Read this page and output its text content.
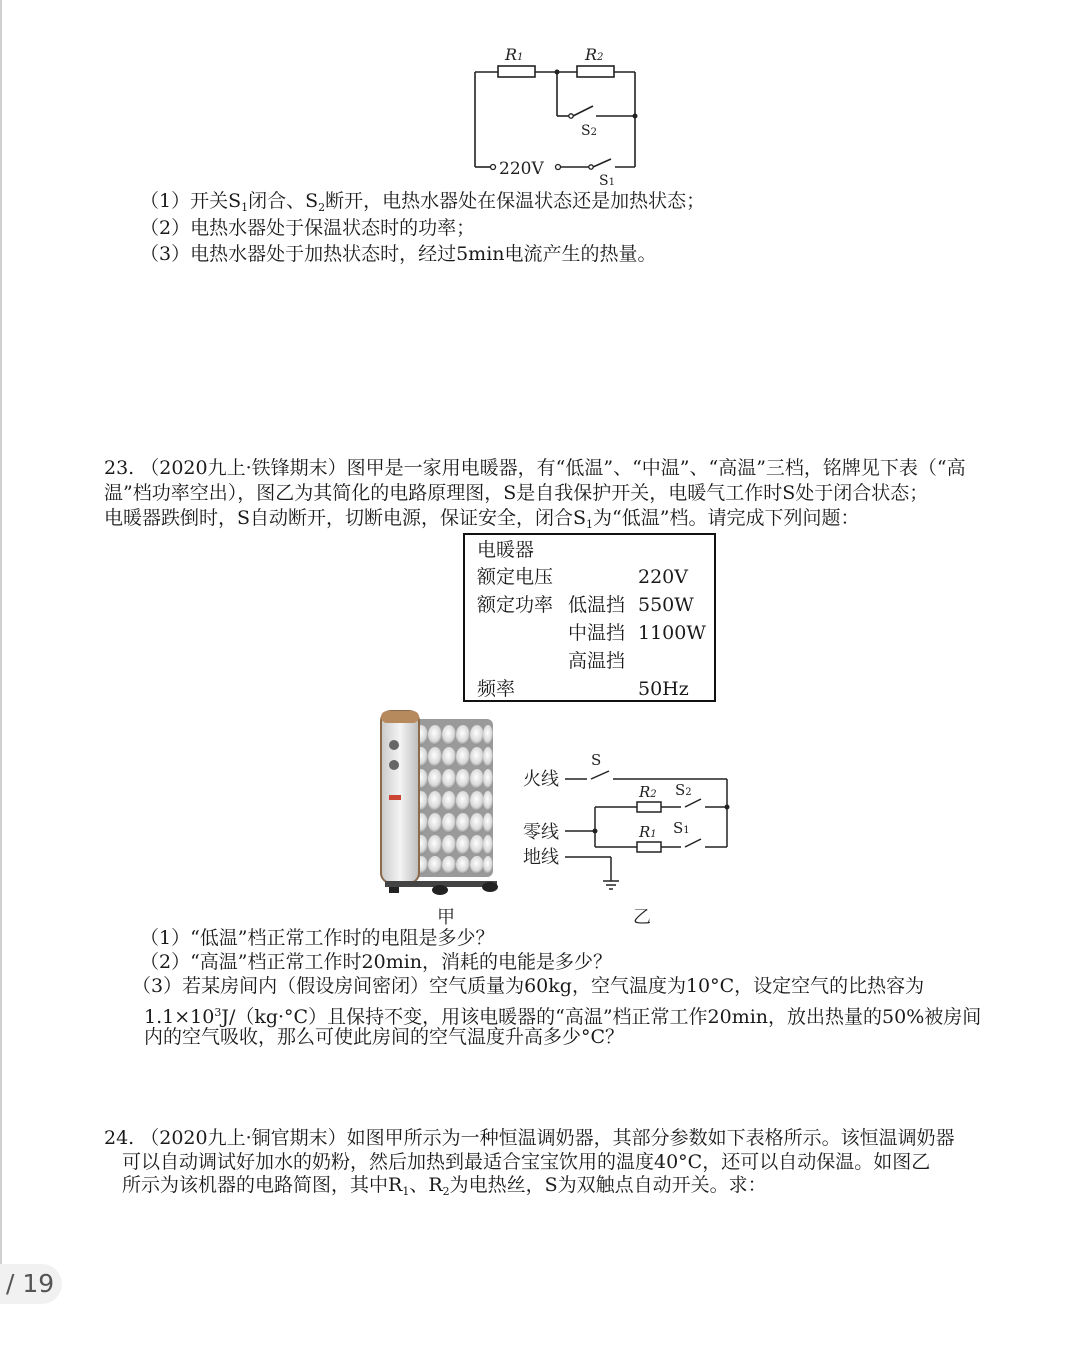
R1	R2
S2
220V
S1
（1）开关$S_1$闭合、$S_2$断开，电热水器处在保温状态还是加热状态；
（2）电热水器处于保温状态时的功率；
（3）电热水器处于加热状态时，经过5min电流产生的热量。
23. （2020九上·铁锋期末）图甲是一家用电暖器，有“低温”、“中温”、“高温”三档，铭牌见下表（“高
温”档功率空出），图乙为其简化的电路原理图，S是自我保护开关，电暖气工作时S处于闭合状态；
电暖器跌倒时，S自动断开，切断电源，保证安全，闭合$S_1$为“低温”档。请完成下列问题：
电暖器
额定电压	220V
额定功率 低温挡 550W
中温挡 1100W
高温挡
频率	50Hz
甲
火线
零线
地线
S
R2 S2
R1 S1
乙
（1）“低温”档正常工作时的电阻是多少？
（2）“高温”档正常工作时20min，消耗的电能是多少？
（3）若某房间内（假设房间密闭）空气质量为60kg，空气温度为10°C，设定空气的比热容为
$1.1\times 10^3J/(kg\cdot^\circ C)$且保持不变，用该电暖器的“高温”档正常工作20min，放出热量的50%被房间
内的空气吸收，那么可使此房间的空气温度升高多少°C？
24. （2020九上·铜官期末）如图甲所示为一种恒温调奶器，其部分参数如下表格所示。该恒温调奶器
可以自动调试好加水的奶粉，然后加热到最适合宝宝饮用的温度40°C，还可以自动保温。如图乙
所示为该机器的电路简图，其中$R_1$、$R_2$为电热丝，S为双触点自动开关。求：
/ 19
